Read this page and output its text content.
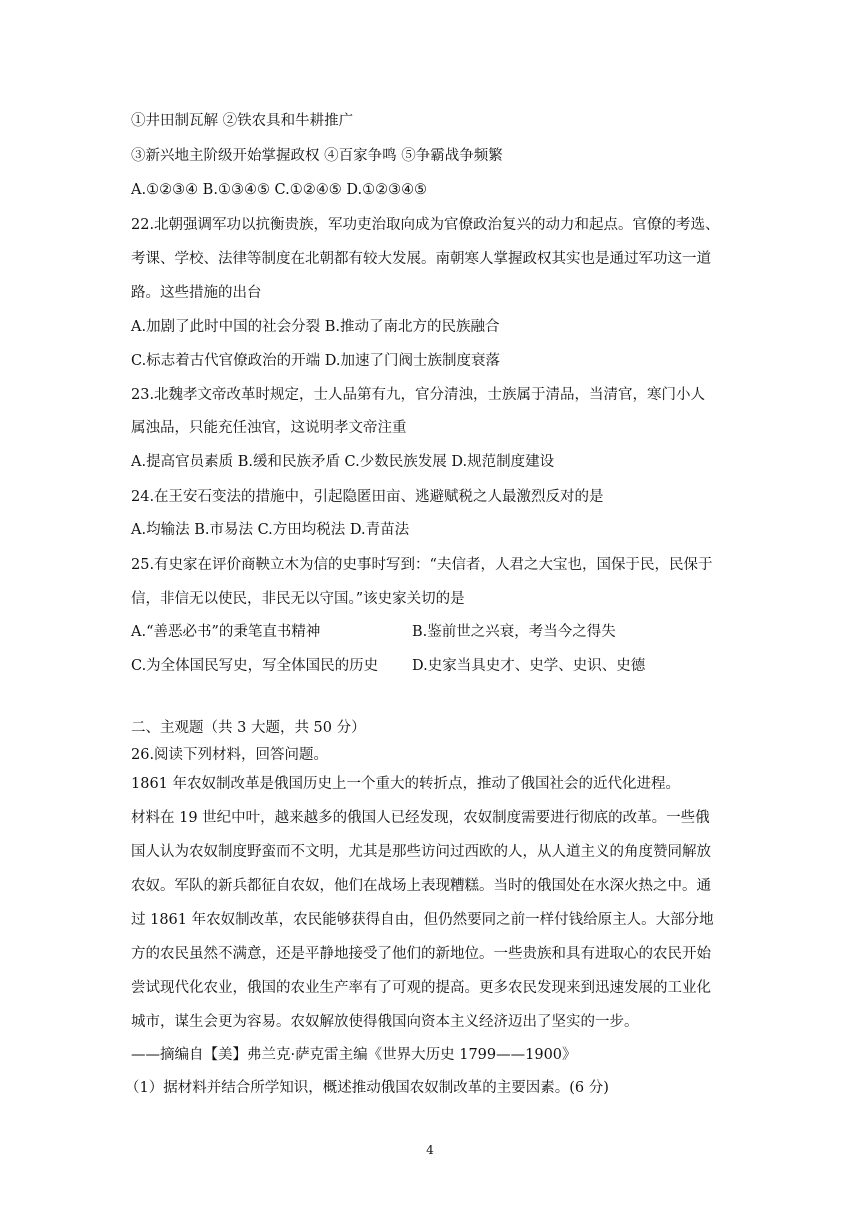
①井田制瓦解 ②铁农具和牛耕推广
③新兴地主阶级开始掌握政权 ④百家争鸣 ⑤争霸战争频繁
A.①②③④ B.①③④⑤ C.①②④⑤ D.①②③④⑤
22.北朝强调军功以抗衡贵族，军功吏治取向成为官僚政治复兴的动力和起点。官僚的考选、
考课、学校、法律等制度在北朝都有较大发展。南朝寒人掌握政权其实也是通过军功这一道
路。这些措施的出台
A.加剧了此时中国的社会分裂 B.推动了南北方的民族融合
C.标志着古代官僚政治的开端 D.加速了门阀士族制度衰落
23.北魏孝文帝改革时规定，士人品第有九，官分清浊，士族属于清品，当清官，寒门小人
属浊品，只能充任浊官，这说明孝文帝注重
A.提高官员素质 B.缓和民族矛盾 C.少数民族发展 D.规范制度建设
24.在王安石变法的措施中，引起隐匿田亩、逃避赋税之人最激烈反对的是
A.均输法 B.市易法 C.方田均税法 D.青苗法
25.有史家在评价商鞅立木为信的史事时写到：“夫信者，人君之大宝也，国保于民，民保于
信，非信无以使民，非民无以守国。”该史家关切的是
A.“善恶必书”的秉笔直书精神	B.鉴前世之兴衰，考当今之得失
C.为全体国民写史，写全体国民的历史 D.史家当具史才、史学、史识、史德
二、主观题（共 3 大题，共 50 分）
26.阅读下列材料，回答问题。
1861 年农奴制改革是俄国历史上一个重大的转折点，推动了俄国社会的近代化进程。
材料在 19 世纪中叶，越来越多的俄国人已经发现，农奴制度需要进行彻底的改革。一些俄
国人认为农奴制度野蛮而不文明，尤其是那些访问过西欧的人，从人道主义的角度赞同解放
农奴。军队的新兵都征自农奴，他们在战场上表现糟糕。当时的俄国处在水深火热之中。通
过 1861 年农奴制改革，农民能够获得自由，但仍然要同之前一样付钱给原主人。大部分地
方的农民虽然不满意，还是平静地接受了他们的新地位。一些贵族和具有进取心的农民开始
尝试现代化农业，俄国的农业生产率有了可观的提高。更多农民发现来到迅速发展的工业化
城市，谋生会更为容易。农奴解放使得俄国向资本主义经济迈出了坚实的一步。
——摘编自【美】弗兰克·萨克雷主编《世界大历史 1799——1900》
（1）据材料并结合所学知识，概述推动俄国农奴制改革的主要因素。(6 分)
4
